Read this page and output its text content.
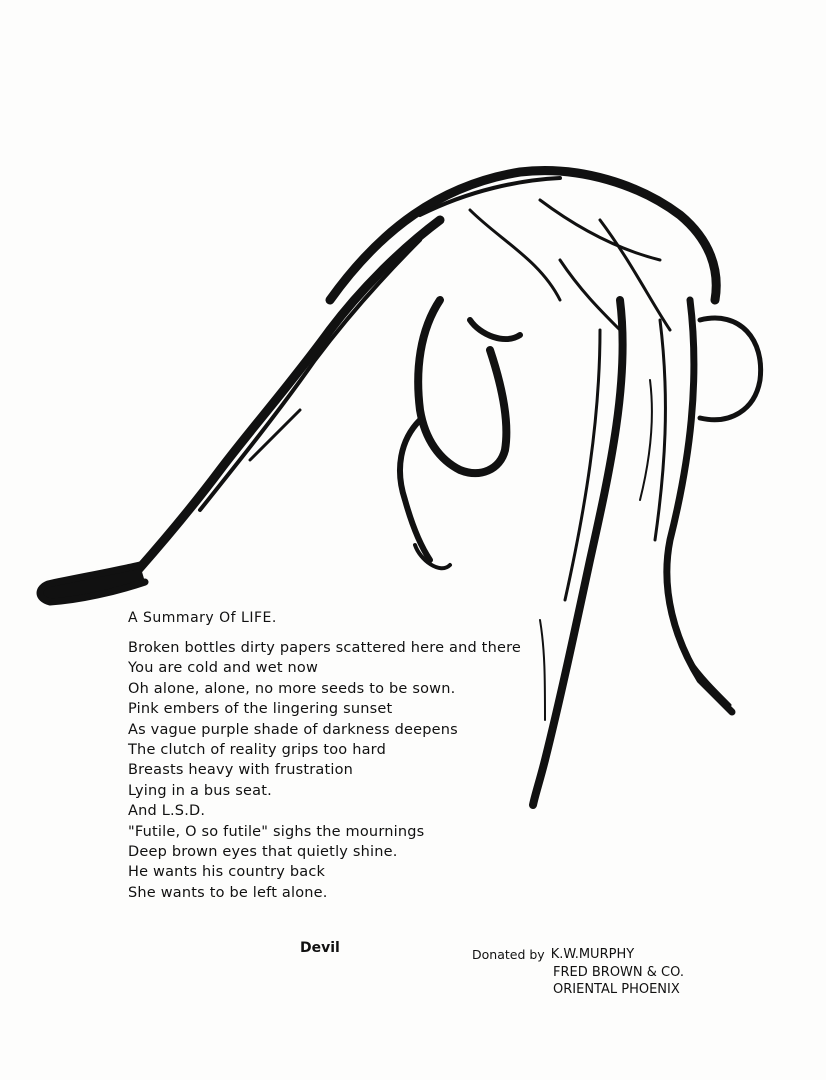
A Summary Of LIFE.
Broken bottles dirty papers scattered here and there
You are cold and wet now
Oh alone, alone, no more seeds to be sown.
Pink embers of the lingering sunset
As vague purple shade of darkness deepens
The clutch of reality grips too hard
Breasts heavy with frustration
Lying in a bus seat.
And L.S.D.
"Futile, O so futile" sighs the mournings
Deep brown eyes that quietly shine.
He wants his country back
She wants to be left alone.
Devil	Donated by K.W.MURPHY
FRED BROWN & CO.
ORIENTAL PHOENIX
